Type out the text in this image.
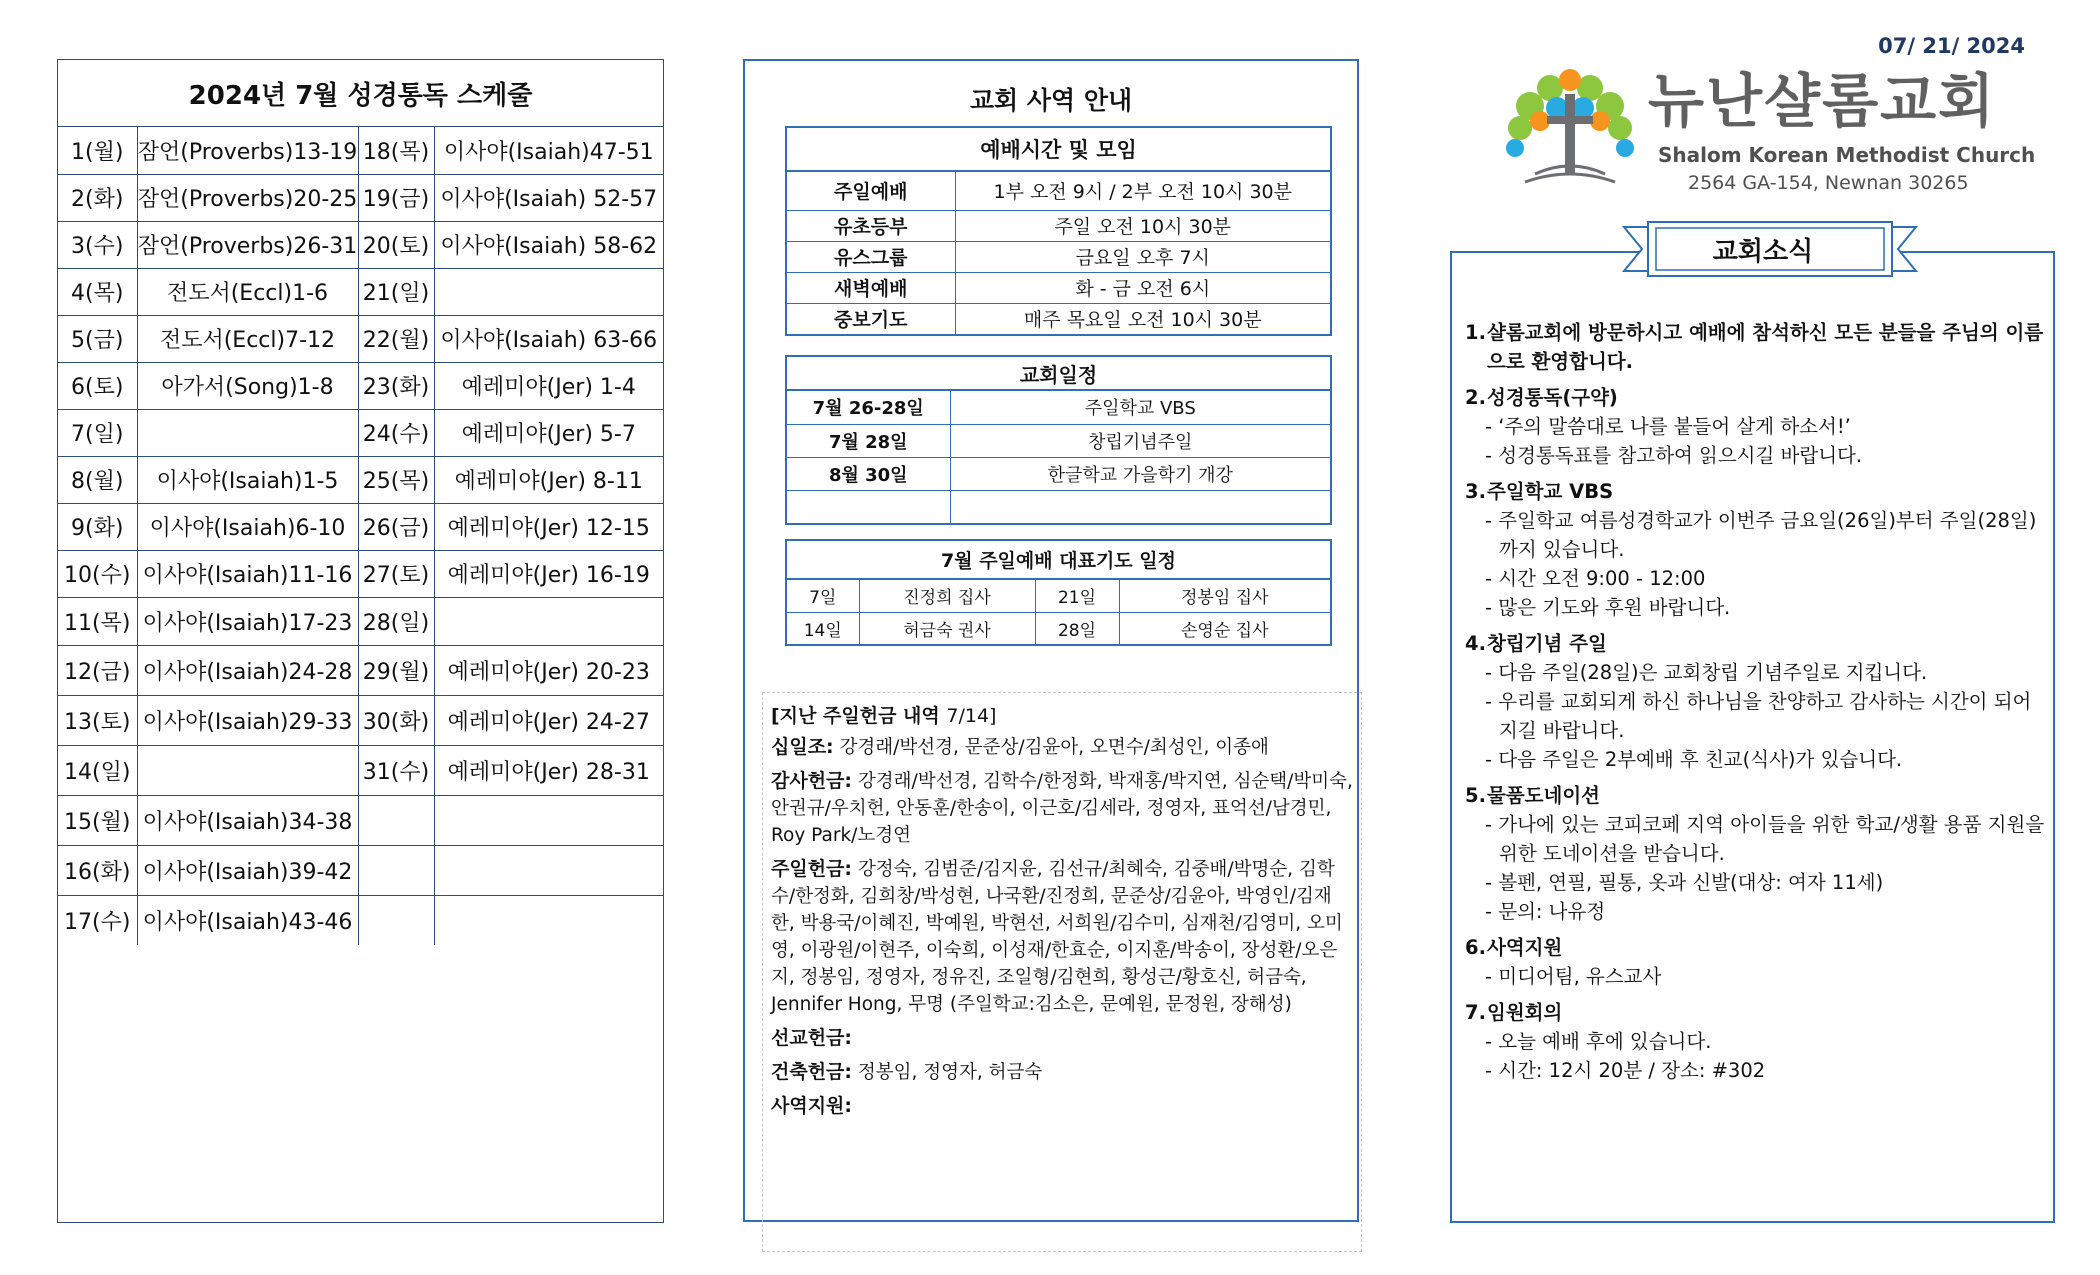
2024년 7월 성경통독 스케줄
1(월)	잠언(Proverbs)13-19	18(목)	이사야(Isaiah)47-51
2(화)	잠언(Proverbs)20-25	19(금)	이사야(Isaiah) 52-57
3(수)	잠언(Proverbs)26-31	20(토)	이사야(Isaiah) 58-62
4(목)	전도서(Eccl)1-6	21(일)	
5(금)	전도서(Eccl)7-12	22(월)	이사야(Isaiah) 63-66
6(토)	아가서(Song)1-8	23(화)	예레미야(Jer) 1-4
7(일)		24(수)	예레미야(Jer) 5-7
8(월)	이사야(Isaiah)1-5	25(목)	예레미야(Jer) 8-11
9(화)	이사야(Isaiah)6-10	26(금)	예레미야(Jer) 12-15
10(수)	이사야(Isaiah)11-16	27(토)	예레미야(Jer) 16-19
11(목)	이사야(Isaiah)17-23	28(일)	
12(금)	이사야(Isaiah)24-28	29(월)	예레미야(Jer) 20-23
13(토)	이사야(Isaiah)29-33	30(화)	예레미야(Jer) 24-27
14(일)		31(수)	예레미야(Jer) 28-31
15(월)	이사야(Isaiah)34-38		
16(화)	이사야(Isaiah)39-42		
17(수)	이사야(Isaiah)43-46		
교회 사역 안내
예배시간 및 모임
주일예배	1부 오전 9시 / 2부 오전 10시 30분
유초등부	주일 오전 10시 30분
유스그룹	금요일 오후 7시
새벽예배	화 - 금 오전 6시
중보기도	매주 목요일 오전 10시 30분
교회일정
7월 26-28일	주일학교 VBS
7월 28일	창립기념주일
8월 30일	한글학교 가을학기 개강

7월 주일예배 대표기도 일정
7일	진정희 집사	21일	정봉임 집사
14일	허금숙 권사	28일	손영순 집사
[지난 주일헌금 내역 7/14]
십일조: 강경래/박선경, 문준상/김윤아, 오면수/최성인, 이종애
감사헌금: 강경래/박선경, 김학수/한정화, 박재홍/박지연, 심순택/박미숙, 안권규/우치헌, 안동훈/한송이, 이근호/김세라, 정영자, 표억선/남경민, Roy Park/노경연
주일헌금: 강정숙, 김범준/김지윤, 김선규/최혜숙, 김중배/박명순, 김학수/한정화, 김희창/박성현, 나국환/진정희, 문준상/김윤아, 박영인/김재한, 박용국/이혜진, 박예원, 박현선, 서희원/김수미, 심재천/김영미, 오미영, 이광원/이현주, 이숙희, 이성재/한효순, 이지훈/박송이, 장성환/오은지, 정봉임, 정영자, 정유진, 조일형/김현희, 황성근/황호신, 허금숙, Jennifer Hong, 무명 (주일학교:김소은, 문예원, 문정원, 장해성)
선교헌금:
건축헌금: 정봉임, 정영자, 허금숙
사역지원:
07/ 21/ 2024
뉴난샬롬교회
Shalom Korean Methodist Church
2564 GA-154, Newnan 30265
교회소식
1. 샬롬교회에 방문하시고 예배에 참석하신 모든 분들을 주님의 이름으로 환영합니다.
2. 성경통독(구약)
- ‘주의 말씀대로 나를 붙들어 살게 하소서!’
- 성경통독표를 참고하여 읽으시길 바랍니다.
3. 주일학교 VBS
- 주일학교 여름성경학교가 이번주 금요일(26일)부터 주일(28일)까지 있습니다.
- 시간 오전 9:00 - 12:00
- 많은 기도와 후원 바랍니다.
4. 창립기념 주일
- 다음 주일(28일)은 교회창립 기념주일로 지킵니다.
- 우리를 교회되게 하신 하나님을 찬양하고 감사하는 시간이 되어지길 바랍니다.
- 다음 주일은 2부예배 후 친교(식사)가 있습니다.
5. 물품도네이션
- 가나에 있는 코피코페 지역 아이들을 위한 학교/생활 용품 지원을 위한 도네이션을 받습니다.
- 볼펜, 연필, 필통, 옷과 신발(대상: 여자 11세)
- 문의: 나유정
6. 사역지원
- 미디어팀, 유스교사
7. 임원회의
- 오늘 예배 후에 있습니다.
- 시간: 12시 20분 / 장소: #302
